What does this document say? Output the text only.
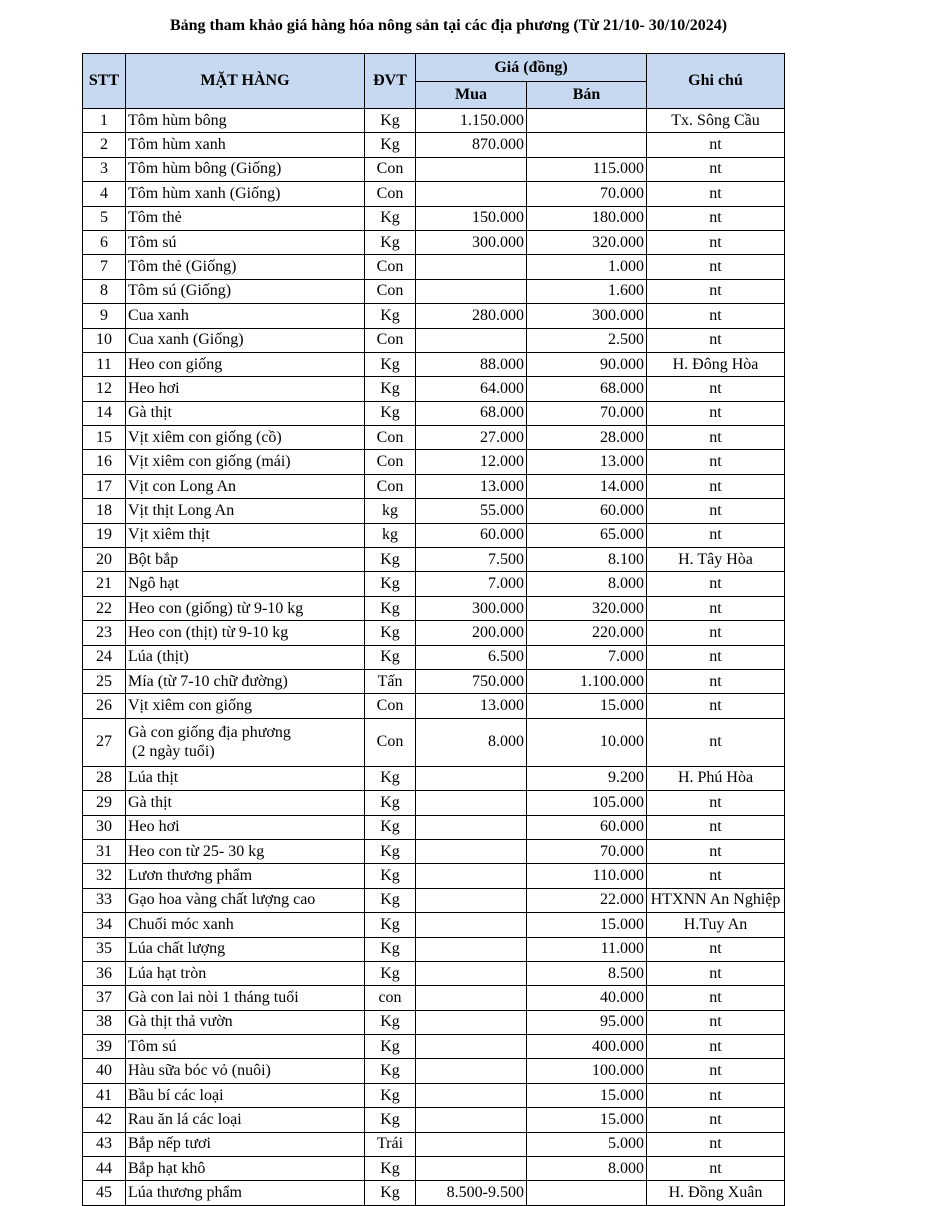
Bảng tham khảo giá hàng hóa nông sản tại các địa phương (Từ 21/10- 30/10/2024)
STT	MẶT HÀNG	ĐVT	Giá (đồng)		Ghi chú
			Mua	Bán	
1	Tôm hùm bông	Kg	1.150.000		Tx. Sông Cầu
2	Tôm hùm xanh	Kg	870.000		nt
3	Tôm hùm bông (Giống)	Con		115.000	nt
4	Tôm hùm xanh (Giống)	Con		70.000	nt
5	Tôm thẻ	Kg	150.000	180.000	nt
6	Tôm sú	Kg	300.000	320.000	nt
7	Tôm thẻ (Giống)	Con		1.000	nt
8	Tôm sú (Giống)	Con		1.600	nt
9	Cua xanh	Kg	280.000	300.000	nt
10	Cua xanh (Giống)	Con		2.500	nt
11	Heo con giống	Kg	88.000	90.000	H. Đông Hòa
12	Heo hơi	Kg	64.000	68.000	nt
14	Gà thịt	Kg	68.000	70.000	nt
15	Vịt xiêm con giống (cồ)	Con	27.000	28.000	nt
16	Vịt xiêm con giống (mái)	Con	12.000	13.000	nt
17	Vịt con Long An	Con	13.000	14.000	nt
18	Vịt thịt Long An	kg	55.000	60.000	nt
19	Vịt xiêm thịt	kg	60.000	65.000	nt
20	Bột bắp	Kg	7.500	8.100	H. Tây Hòa
21	Ngô hạt	Kg	7.000	8.000	nt
22	Heo con (giống) từ 9-10 kg	Kg	300.000	320.000	nt
23	Heo con (thịt) từ 9-10 kg	Kg	200.000	220.000	nt
24	Lúa (thịt)	Kg	6.500	7.000	nt
25	Mía (từ 7-10 chữ đường)	Tấn	750.000	1.100.000	nt
26	Vịt xiêm con giống	Con	13.000	15.000	nt
27	Gà con giống địa phương
(2 ngày tuổi)	Con	8.000	10.000	nt
28	Lúa thịt	Kg		9.200	H. Phú Hòa
29	Gà thịt	Kg		105.000	nt
30	Heo hơi	Kg		60.000	nt
31	Heo con từ 25- 30 kg	Kg		70.000	nt
32	Lươn thương phẩm	Kg		110.000	nt
33	Gạo hoa vàng chất lượng cao	Kg		22.000	HTXNN An Nghiệp
34	Chuối móc xanh	Kg		15.000	H.Tuy An
35	Lúa chất lượng	Kg		11.000	nt
36	Lúa hạt tròn	Kg		8.500	nt
37	Gà con lai nòi 1 tháng tuổi	con		40.000	nt
38	Gà thịt thả vườn	Kg		95.000	nt
39	Tôm sú	Kg		400.000	nt
40	Hàu sữa bóc vỏ (nuôi)	Kg		100.000	nt
41	Bầu bí các loại	Kg		15.000	nt
42	Rau ăn lá các loại	Kg		15.000	nt
43	Bắp nếp tươi	Trái		5.000	nt
44	Bắp hạt khô	Kg		8.000	nt
45	Lúa thương phẩm	Kg	8.500-9.500		H. Đồng Xuân
